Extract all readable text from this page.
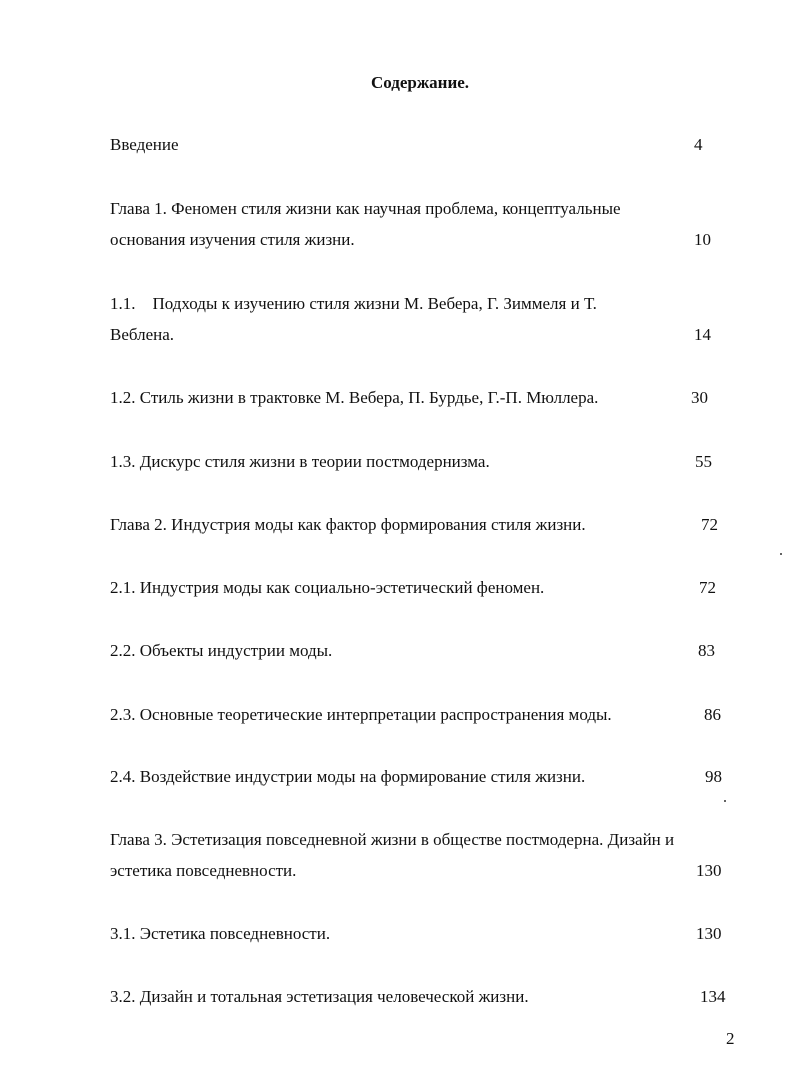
Содержание.
Введение	4
Глава 1. Феномен стиля жизни как научная проблема, концептуальные
основания изучения стиля жизни.	10
1.1.    Подходы к изучению стиля жизни М. Вебера, Г. Зиммеля и Т.
Веблена.	14
1.2. Стиль жизни в трактовке М. Вебера, П. Бурдье, Г.-П. Мюллера.	30
1.3. Дискурс стиля жизни в теории постмодернизма.	55
Глава 2. Индустрия моды как фактор формирования стиля жизни.	72
2.1. Индустрия моды как социально-эстетический феномен.	72
2.2. Объекты индустрии моды.	83
2.3. Основные теоретические интерпретации распространения моды.	86
2.4. Воздействие индустрии моды на формирование стиля жизни.	98
Глава 3. Эстетизация повседневной жизни в обществе постмодерна. Дизайн и
эстетика повседневности.	130
3.1. Эстетика повседневности.	130
3.2. Дизайн и тотальная эстетизация человеческой жизни.	134
2
